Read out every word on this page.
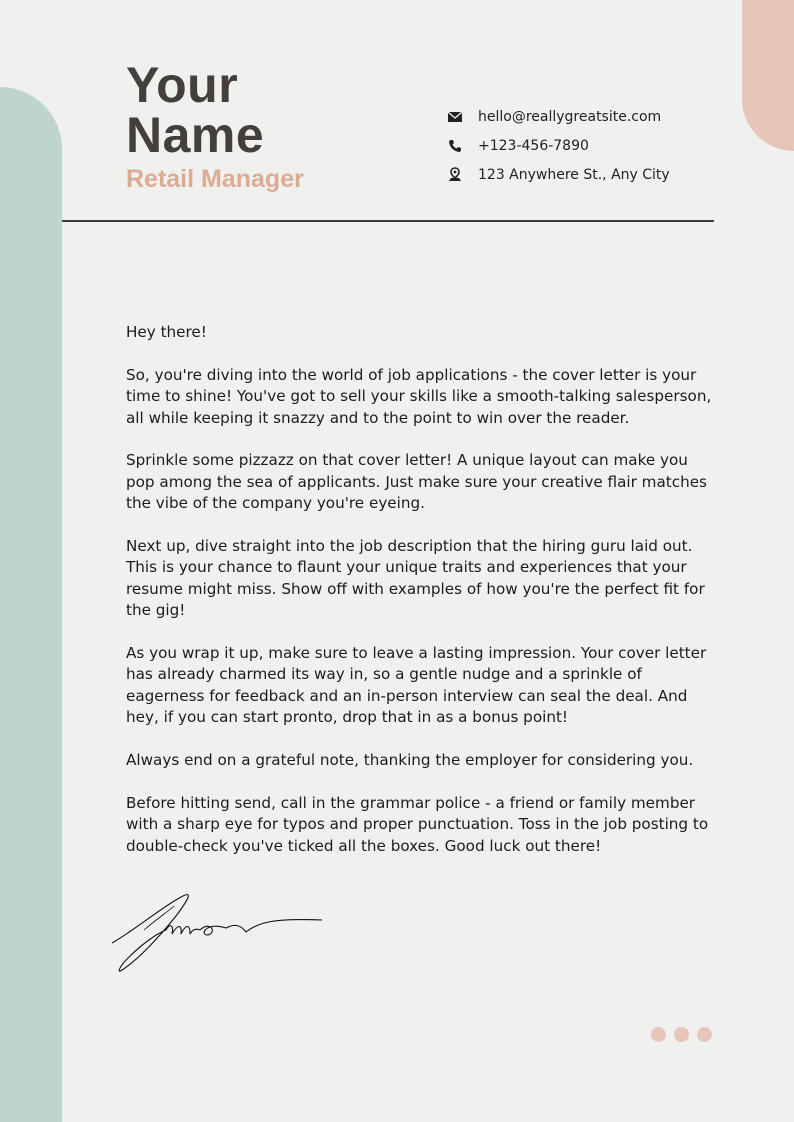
Your
Name
Retail Manager
hello@reallygreatsite.com
+123-456-7890
123 Anywhere St., Any City

Hey there!

So, you're diving into the world of job applications - the cover letter is your time to shine! You've got to sell your skills like a smooth-talking salesperson, all while keeping it snazzy and to the point to win over the reader.

Sprinkle some pizzazz on that cover letter! A unique layout can make you pop among the sea of applicants. Just make sure your creative flair matches the vibe of the company you're eyeing.

Next up, dive straight into the job description that the hiring guru laid out. This is your chance to flaunt your unique traits and experiences that your resume might miss. Show off with examples of how you're the perfect fit for the gig!

As you wrap it up, make sure to leave a lasting impression. Your cover letter has already charmed its way in, so a gentle nudge and a sprinkle of eagerness for feedback and an in-person interview can seal the deal. And hey, if you can start pronto, drop that in as a bonus point!

Always end on a grateful note, thanking the employer for considering you.

Before hitting send, call in the grammar police - a friend or family member with a sharp eye for typos and proper punctuation. Toss in the job posting to double-check you've ticked all the boxes. Good luck out there!
